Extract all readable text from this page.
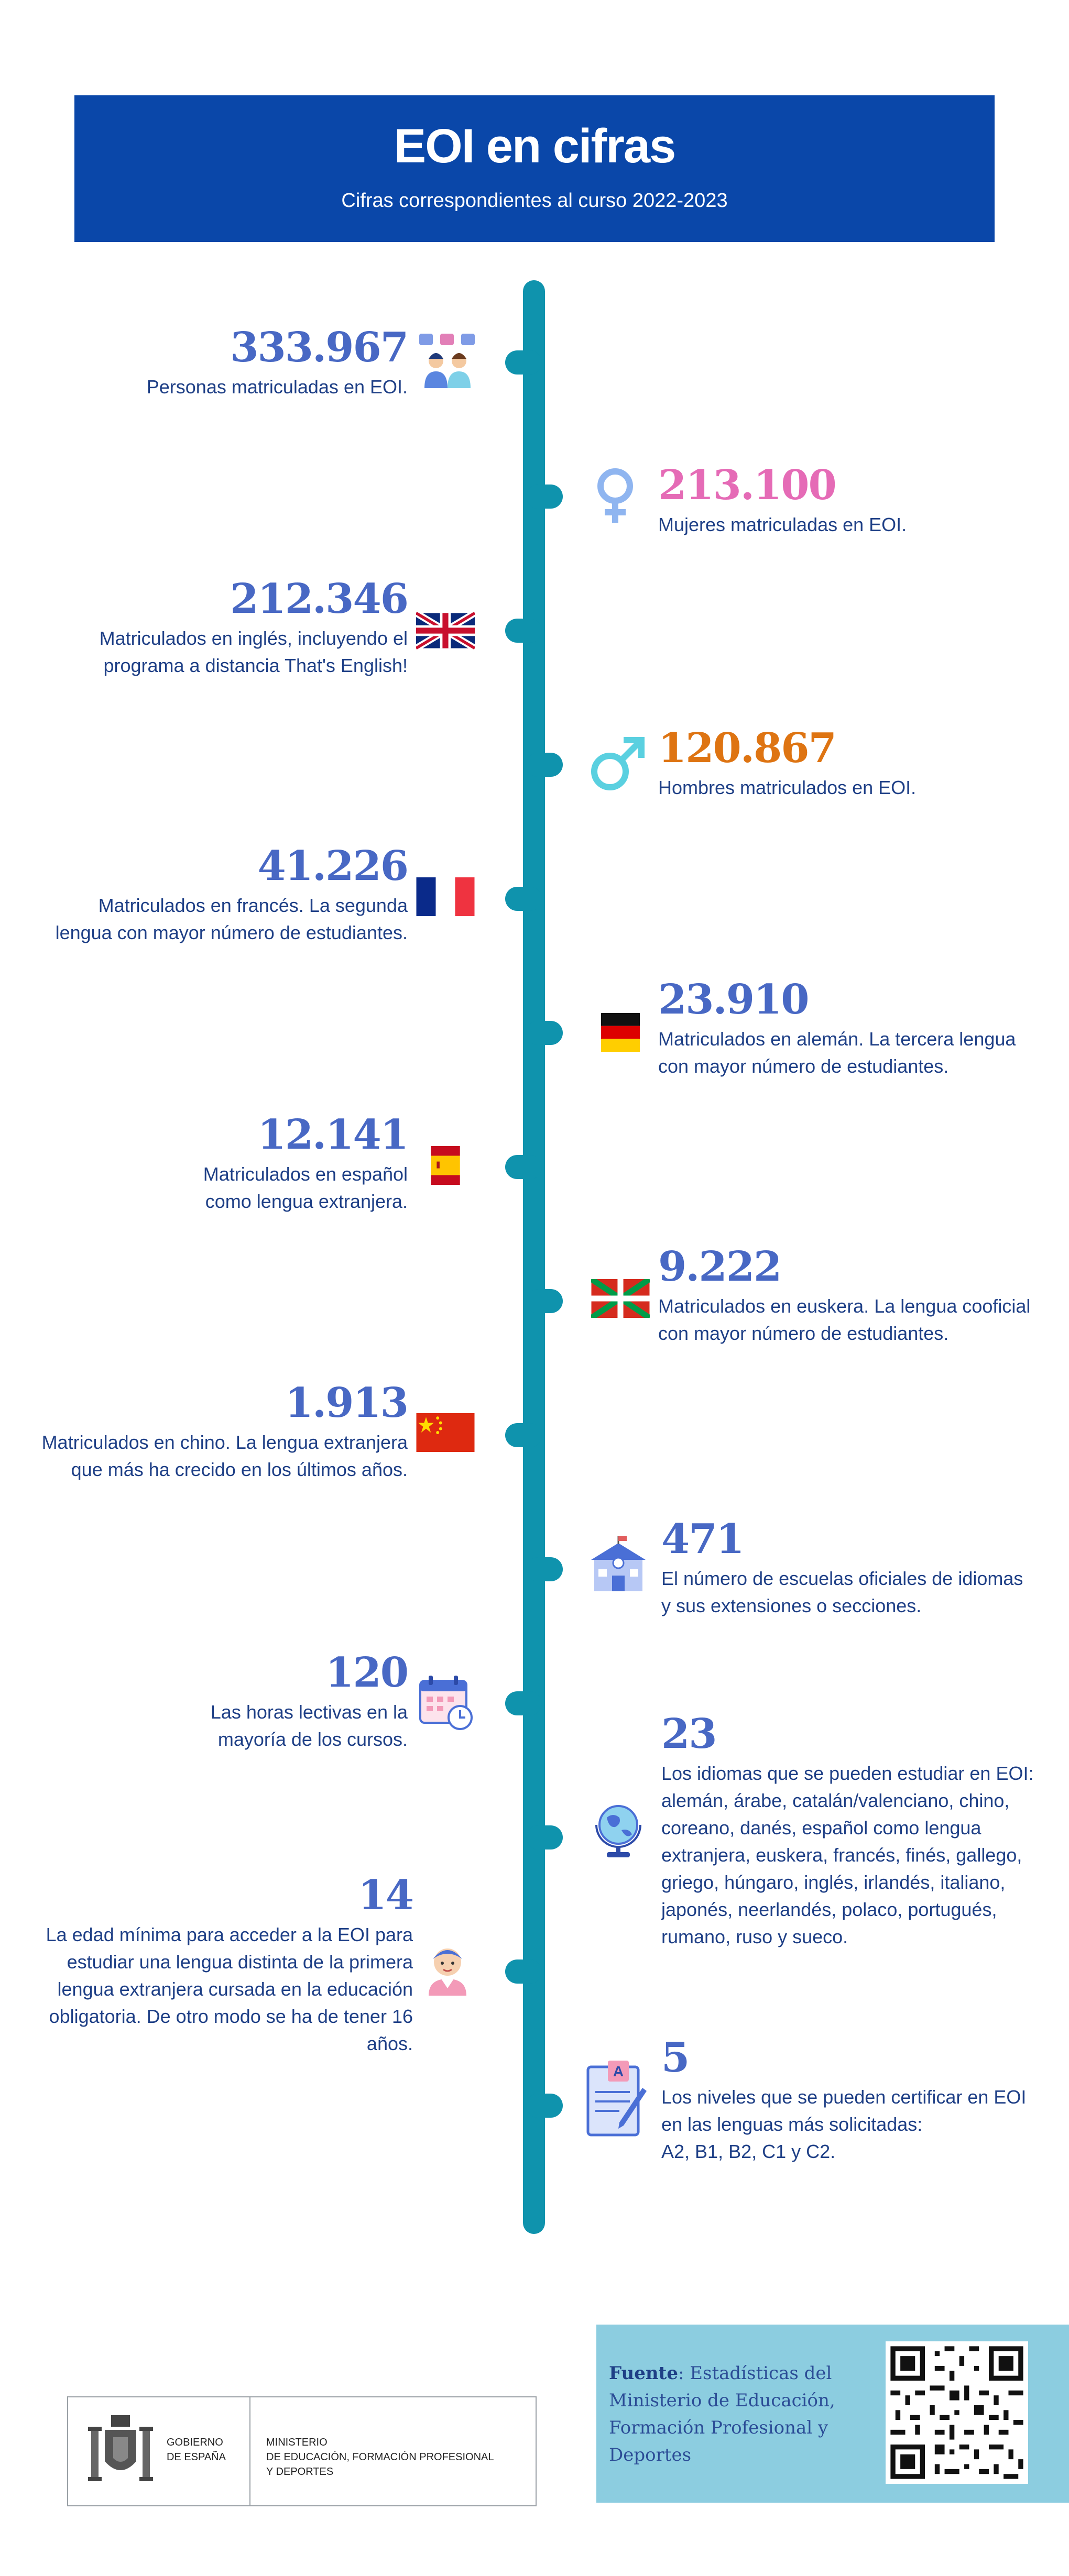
EOI en cifras

Cifras correspondientes al curso 2022-2023

333.967
Personas matriculadas en EOI.
213.100
Mujeres matriculadas en EOI.
212.346
Matriculados en inglés, incluyendo el
programa a distancia That's English!
120.867
Hombres matriculados en EOI.
41.226
Matriculados en francés. La segunda
lengua con mayor número de estudiantes.
23.910
Matriculados en alemán. La tercera lengua
con mayor número de estudiantes.
12.141
Matriculados en español
como lengua extranjera.
9.222
Matriculados en euskera. La lengua cooficial
con mayor número de estudiantes.
1.913
Matriculados en chino. La lengua extranjera
que más ha crecido en los últimos años.
471
El número de escuelas oficiales de idiomas
y sus extensiones o secciones.
120
Las horas lectivas en la
mayoría de los cursos.	23
Los idiomas que se pueden estudiar en EOI:
alemán, árabe, catalán/valenciano, chino,
coreano, danés, español como lengua
extranjera, euskera, francés, finés, gallego,
griego, húngaro, inglés, irlandés, italiano,
japonés, neerlandés, polaco, portugués,
rumano, ruso y sueco.
14
La edad mínima para acceder a la EOI para
estudiar una lengua distinta de la primera
lengua extranjera cursada en la educación
obligatoria. De otro modo se ha de tener 16
años.	5
Los niveles que se pueden certificar en EOI
en las lenguas más solicitadas:
A2, B1, B2, C1 y C2.
A
GOBIERNO
DE ESPAÑA
MINISTERIO
DE EDUCACIÓN, FORMACIÓN PROFESIONAL
Y DEPORTES
Fuente: Estadísticas del Ministerio de Educación, Formación Profesional y Deportes
